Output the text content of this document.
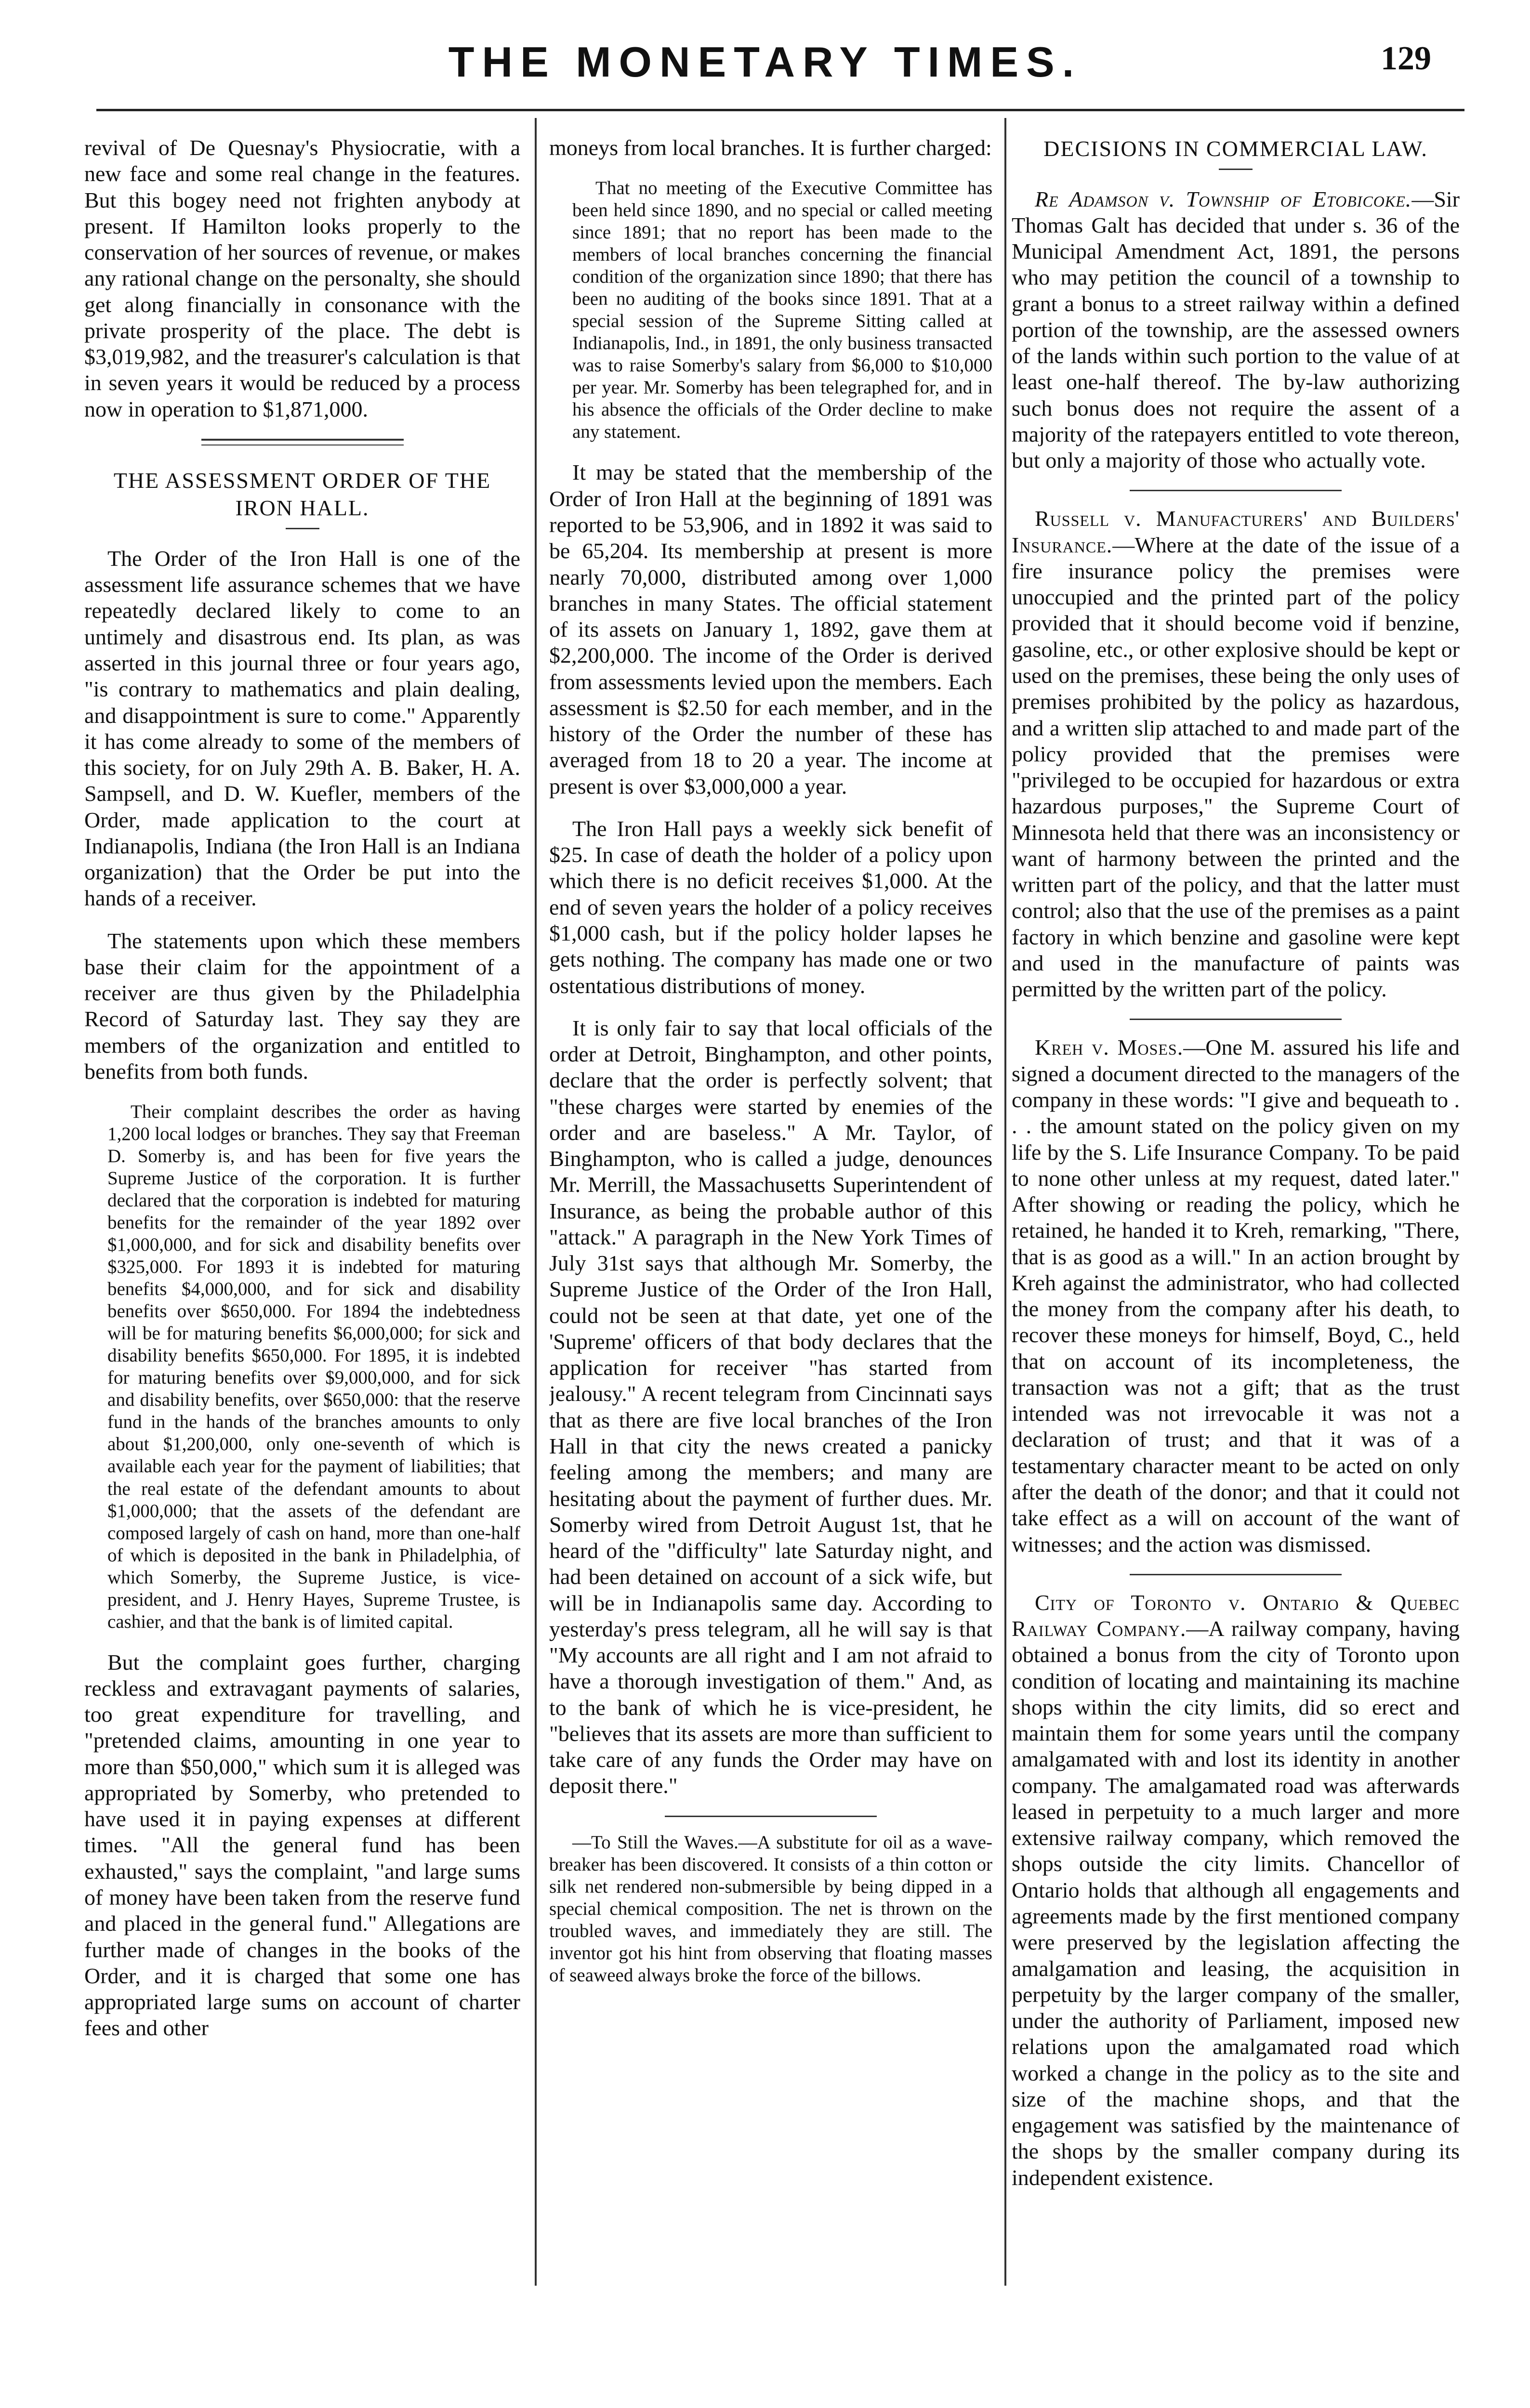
THE MONETARY TIMES.	129

revival of De Quesnay's Physiocratie, with a new face and some real change in the features. But this bogey need not frighten anybody at present. If Hamilton looks properly to the conservation of her sources of revenue, or makes any rational change on the personalty, she should get along financially in consonance with the private prosperity of the place. The debt is $3,019,982, and the treasurer's calculation is that in seven years it would be reduced by a process now in operation to $1,871,000.

THE ASSESSMENT ORDER OF THE IRON HALL.

The Order of the Iron Hall is one of the assessment life assurance schemes that we have repeatedly declared likely to come to an untimely and disastrous end. Its plan, as was asserted in this journal three or four years ago, "is contrary to mathematics and plain dealing, and disappointment is sure to come." Apparently it has come already to some of the members of this society, for on July 29th A. B. Baker, H. A. Sampsell, and D. W. Kuefler, members of the Order, made application to the court at Indianapolis, Indiana (the Iron Hall is an Indiana organization) that the Order be put into the hands of a receiver.

The statements upon which these members base their claim for the appointment of a receiver are thus given by the Philadelphia Record of Saturday last. They say they are members of the organization and entitled to benefits from both funds.

Their complaint describes the order as having 1,200 local lodges or branches. They say that Freeman D. Somerby is, and has been for five years the Supreme Justice of the corporation. It is further declared that the corporation is indebted for maturing benefits for the remainder of the year 1892 over $1,000,000, and for sick and disability benefits over $325,000. For 1893 it is indebted for maturing benefits $4,000,000, and for sick and disability benefits over $650,000. For 1894 the indebtedness will be for maturing benefits $6,000,000; for sick and disability benefits $650,000. For 1895, it is indebted for maturing benefits over $9,000,000, and for sick and disability benefits, over $650,000: that the reserve fund in the hands of the branches amounts to only about $1,200,000, only one-seventh of which is available each year for the payment of liabilities; that the real estate of the defendant amounts to about $1,000,000; that the assets of the defendant are composed largely of cash on hand, more than one-half of which is deposited in the bank in Philadelphia, of which Somerby, the Supreme Justice, is vice-president, and J. Henry Hayes, Supreme Trustee, is cashier, and that the bank is of limited capital.

But the complaint goes further, charging reckless and extravagant payments of salaries, too great expenditure for travelling, and "pretended claims, amounting in one year to more than $50,000," which sum it is alleged was appropriated by Somerby, who pretended to have used it in paying expenses at different times. "All the general fund has been exhausted," says the complaint, "and large sums of money have been taken from the reserve fund and placed in the general fund." Allegations are further made of changes in the books of the Order, and it is charged that some one has appropriated large sums on account of charter fees and other

moneys from local branches. It is further charged:

That no meeting of the Executive Committee has been held since 1890, and no special or called meeting since 1891; that no report has been made to the members of local branches concerning the financial condition of the organization since 1890; that there has been no auditing of the books since 1891. That at a special session of the Supreme Sitting called at Indianapolis, Ind., in 1891, the only business transacted was to raise Somerby's salary from $6,000 to $10,000 per year. Mr. Somerby has been telegraphed for, and in his absence the officials of the Order decline to make any statement.

It may be stated that the membership of the Order of Iron Hall at the beginning of 1891 was reported to be 53,906, and in 1892 it was said to be 65,204. Its membership at present is more nearly 70,000, distributed among over 1,000 branches in many States. The official statement of its assets on January 1, 1892, gave them at $2,200,000. The income of the Order is derived from assessments levied upon the members. Each assessment is $2.50 for each member, and in the history of the Order the number of these has averaged from 18 to 20 a year. The income at present is over $3,000,000 a year.

The Iron Hall pays a weekly sick benefit of $25. In case of death the holder of a policy upon which there is no deficit receives $1,000. At the end of seven years the holder of a policy receives $1,000 cash, but if the policy holder lapses he gets nothing. The company has made one or two ostentatious distributions of money.

It is only fair to say that local officials of the order at Detroit, Binghampton, and other points, declare that the order is perfectly solvent; that "these charges were started by enemies of the order and are baseless." A Mr. Taylor, of Binghampton, who is called a judge, denounces Mr. Merrill, the Massachusetts Superintendent of Insurance, as being the probable author of this "attack." A paragraph in the New York Times of July 31st says that although Mr. Somerby, the Supreme Justice of the Order of the Iron Hall, could not be seen at that date, yet one of the 'Supreme' officers of that body declares that the application for receiver "has started from jealousy." A recent telegram from Cincinnati says that as there are five local branches of the Iron Hall in that city the news created a panicky feeling among the members; and many are hesitating about the payment of further dues. Mr. Somerby wired from Detroit August 1st, that he heard of the "difficulty" late Saturday night, and had been detained on account of a sick wife, but will be in Indianapolis same day. According to yesterday's press telegram, all he will say is that "My accounts are all right and I am not afraid to have a thorough investigation of them." And, as to the bank of which he is vice-president, he "believes that its assets are more than sufficient to take care of any funds the Order may have on deposit there."

—To Still the Waves.—A substitute for oil as a wave-breaker has been discovered. It consists of a thin cotton or silk net rendered non-submersible by being dipped in a special chemical composition. The net is thrown on the troubled waves, and immediately they are still. The inventor got his hint from observing that floating masses of seaweed always broke the force of the billows.

DECISIONS IN COMMERCIAL LAW.

Re Adamson v. Township of Etobicoke.—Sir Thomas Galt has decided that under s. 36 of the Municipal Amendment Act, 1891, the persons who may petition the council of a township to grant a bonus to a street railway within a defined portion of the township, are the assessed owners of the lands within such portion to the value of at least one-half thereof. The by-law authorizing such bonus does not require the assent of a majority of the ratepayers entitled to vote thereon, but only a majority of those who actually vote.

Russell v. Manufacturers' and Builders' Insurance.—Where at the date of the issue of a fire insurance policy the premises were unoccupied and the printed part of the policy provided that it should become void if benzine, gasoline, etc., or other explosive should be kept or used on the premises, these being the only uses of premises prohibited by the policy as hazardous, and a written slip attached to and made part of the policy provided that the premises were "privileged to be occupied for hazardous or extra hazardous purposes," the Supreme Court of Minnesota held that there was an inconsistency or want of harmony between the printed and the written part of the policy, and that the latter must control; also that the use of the premises as a paint factory in which benzine and gasoline were kept and used in the manufacture of paints was permitted by the written part of the policy.

Kreh v. Moses.—One M. assured his life and signed a document directed to the managers of the company in these words: "I give and bequeath to . . . the amount stated on the policy given on my life by the S. Life Insurance Company. To be paid to none other unless at my request, dated later." After showing or reading the policy, which he retained, he handed it to Kreh, remarking, "There, that is as good as a will." In an action brought by Kreh against the administrator, who had collected the money from the company after his death, to recover these moneys for himself, Boyd, C., held that on account of its incompleteness, the transaction was not a gift; that as the trust intended was not irrevocable it was not a declaration of trust; and that it was of a testamentary character meant to be acted on only after the death of the donor; and that it could not take effect as a will on account of the want of witnesses; and the action was dismissed.

City of Toronto v. Ontario & Quebec Railway Company.—A railway company, having obtained a bonus from the city of Toronto upon condition of locating and maintaining its machine shops within the city limits, did so erect and maintain them for some years until the company amalgamated with and lost its identity in another company. The amalgamated road was afterwards leased in perpetuity to a much larger and more extensive railway company, which removed the shops outside the city limits. Chancellor of Ontario holds that although all engagements and agreements made by the first mentioned company were preserved by the legislation affecting the amalgamation and leasing, the acquisition in perpetuity by the larger company of the smaller, under the authority of Parliament, imposed new relations upon the amalgamated road which worked a change in the policy as to the site and size of the machine shops, and that the engagement was satisfied by the maintenance of the shops by the smaller company during its independent existence.
